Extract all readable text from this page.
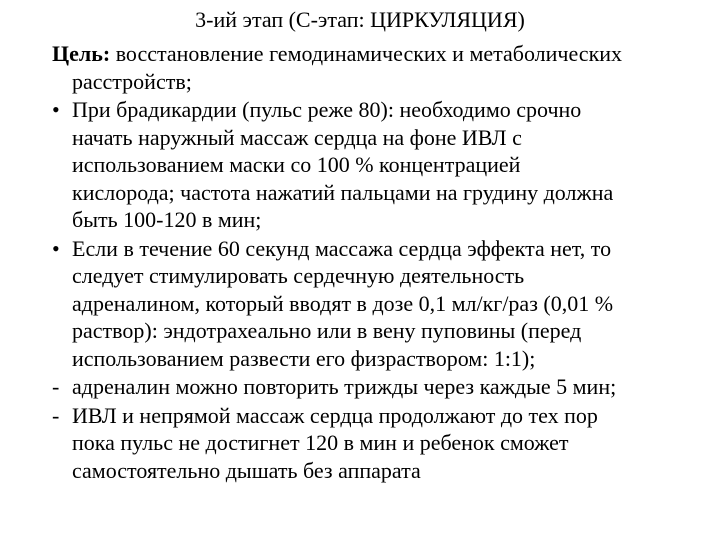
3-ий этап (С-этап: ЦИРКУЛЯЦИЯ)
Цель: восстановление гемодинамических и метаболических
расстройств;
• При брадикардии (пульс реже 80): необходимо срочно
начать наружный массаж сердца на фоне ИВЛ с
использованием маски со 100 % концентрацией
кислорода; частота нажатий пальцами на грудину должна
быть 100-120 в мин;
• Если в течение 60 секунд массажа сердца эффекта нет, то
следует стимулировать сердечную деятельность
адреналином, который вводят в дозе 0,1 мл/кг/раз (0,01 %
раствор): эндотрахеально или в вену пуповины (перед
использованием развести его физраствором: 1:1);
- адреналин можно повторить трижды через каждые 5 мин;
- ИВЛ и непрямой массаж сердца продолжают до тех пор
пока пульс не достигнет 120 в мин и ребенок сможет
самостоятельно дышать без аппарата
